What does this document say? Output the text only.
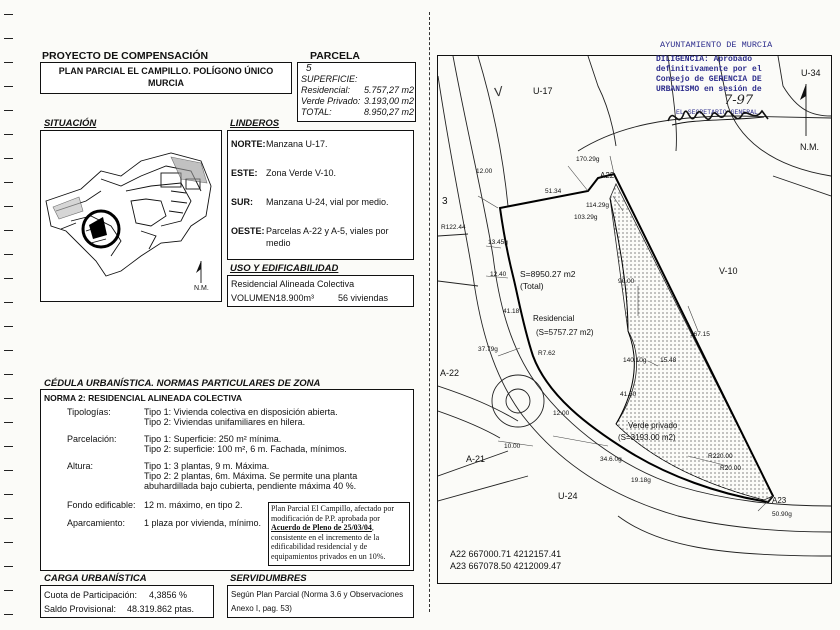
PROYECTO DE COMPENSACIÓN	PARCELA
PLAN PARCIAL EL CAMPILLO. POLÍGONO ÚNICO
MURCIA
5
SUPERFICIE:
Residencial: 5.757,27 m2
Verde Privado: 3.193,00 m2
TOTAL:	8.950,27 m2
SITUACIÓN
N.M.
LINDEROS
NORTE: Manzana U-17.
ESTE: Zona Verde V-10.
SUR: Manzana U-24, vial por medio.
OESTE: Parcelas A-22 y A-5, viales por
medio
USO Y EDIFICABILIDAD
Residencial Alineada Colectiva
VOLUMEN:
18.900m³	56 viviendas
CÉDULA URBANÍSTICA. NORMAS PARTICULARES DE ZONA
NORMA 2: RESIDENCIAL ALINEADA COLECTIVA
Tipologías:	Tipo 1: Vivienda colectiva en disposición abierta.
Tipo 2: Viviendas unifamiliares en hilera.
Parcelación:	Tipo 1: Superficie: 250 m² mínima.
Tipo 2: superficie: 100 m², 6 m. Fachada, mínimos.
Altura:	Tipo 1: 3 plantas, 9 m. Máxima.
Tipo 2: 2 plantas, 6m. Máxima. Se permite una planta
abuhardillada bajo cubierta, pendiente máxima 40 %.
Fondo edificable: 12 m. máximo, en tipo 2.
Aparcamiento: 1 plaza por vivienda, mínimo.
Plan Parcial El Campillo, afectado por
modificación de P.P. aprobada por
Acuerdo de Pleno de 25/03/04,
consistente en el incremento de la
edificabilidad residencial y de
equipamientos privados en un 10%.
CARGA URBANÍSTICA
Cuota de Participación: 4,3856 %
Saldo Provisional: 48.319.862 ptas.
SERVIDUMBRES
Según Plan Parcial (Norma 3.6 y Observaciones
Anexo I, pag. 53)
U-17
U-34
N.M.
V-10
A-22
A-21
U-24
3
A22
A23
S=8950.27 m2
(Total)
Residencial
(S=5757.27 m2)
Verde privado
(S=3193.00 m2)
170.29g
51.34
114.29g
103.29g
12.00
R122.44
13.45g
12.40
41.18
37.79g
R7.62
90.00
167.15
140.10g 15.48
41.50
12.00
10.00
34.6.0g	R220.00
R20.00
19.18g
50.90g
A22 667000.71 4212157.41
A23 667078.50 4212009.47
V
AYUNTAMIENTO DE MURCIA
DILIGENCIA: Aprobado
definitivamente por el
Consejo de GERENCIA DE
URBANISMO en sesión de
7-97
EL SECRETARIO GENERAL
